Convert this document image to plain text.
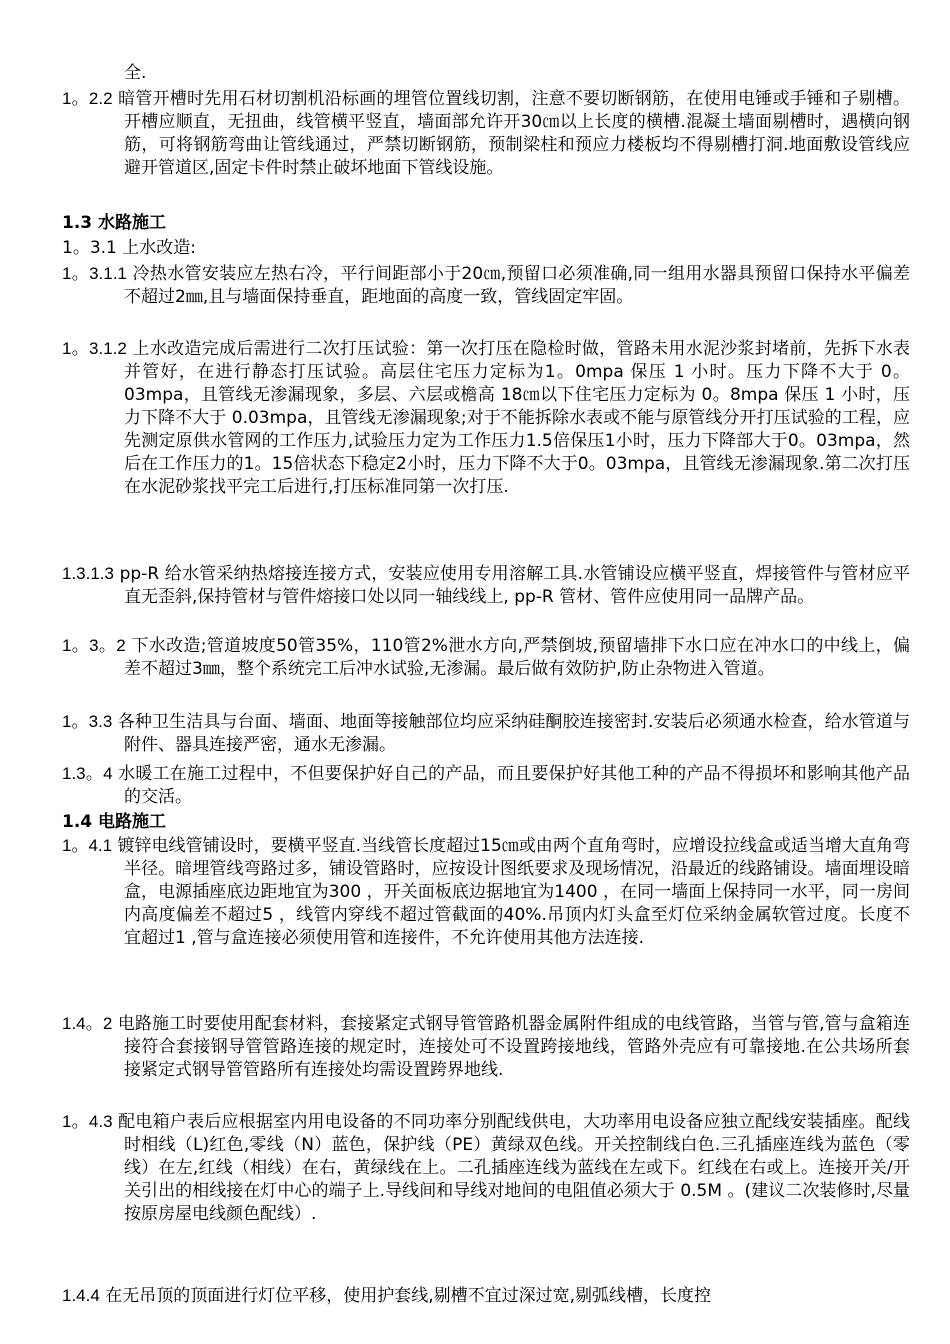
全.
1。2.2 暗管开槽时先用石材切割机沿标画的埋管位置线切割，注意不要切断钢筋，在使用电锤或手锤和子剔槽。开槽应顺直，无扭曲，线管横平竖直，墙面部允许开30㎝以上长度的横槽.混凝土墙面剔槽时，遇横向钢筋，可将钢筋弯曲让管线通过，严禁切断钢筋，预制梁柱和预应力楼板均不得剔槽打洞.地面敷设管线应避开管道区,固定卡件时禁止破坏地面下管线设施。
1.3 水路施工
1。3.1 上水改造:
1。3.1.1 冷热水管安装应左热右冷，平行间距部小于20㎝,预留口必须准确,同一组用水器具预留口保持水平偏差不超过2㎜,且与墙面保持垂直，距地面的高度一致，管线固定牢固。
1。3.1.2 上水改造完成后需进行二次打压试验：第一次打压在隐检时做，管路未用水泥沙浆封堵前，先拆下水表并管好，在进行静态打压试验。高层住宅压力定标为1。0mpa 保压 1 小时。压力下降不大于 0。03mpa，且管线无渗漏现象，多层、六层或檐高 18㎝以下住宅压力定标为 0。8mpa 保压 1 小时，压力下降不大于 0.03mpa，且管线无渗漏现象;对于不能拆除水表或不能与原管线分开打压试验的工程，应先测定原供水管网的工作压力,试验压力定为工作压力1.5倍保压1小时，压力下降部大于0。03mpa，然后在工作压力的1。15倍状态下稳定2小时，压力下降不大于0。03mpa，且管线无渗漏现象.第二次打压在水泥砂浆找平完工后进行,打压标准同第一次打压.
1.3.1.3 pp-R 给水管采纳热熔接连接方式，安装应使用专用溶解工具.水管铺设应横平竖直，焊接管件与管材应平直无歪斜,保持管材与管件熔接口处以同一轴线线上, pp-R 管材、管件应使用同一品牌产品。
1。3。2 下水改造;管道坡度50管35%，110管2%泄水方向,严禁倒坡,预留墙排下水口应在冲水口的中线上，偏差不超过3㎜，整个系统完工后冲水试验,无渗漏。最后做有效防护,防止杂物进入管道。
1。3.3 各种卫生洁具与台面、墙面、地面等接触部位均应采纳硅酮胶连接密封.安装后必须通水检查，给水管道与附件、器具连接严密，通水无渗漏。
1.3。4 水暖工在施工过程中，不但要保护好自己的产品，而且要保护好其他工种的产品不得损坏和影响其他产品的交活。
1.4 电路施工
1。4.1 镀锌电线管铺设时，要横平竖直.当线管长度超过15㎝或由两个直角弯时，应增设拉线盒或适当增大直角弯半径。暗埋管线弯路过多，铺设管路时，应按设计图纸要求及现场情况，沿最近的线路铺设。墙面埋设暗盒，电源插座底边距地宜为300 ，开关面板底边据地宜为1400 ，在同一墙面上保持同一水平，同一房间内高度偏差不超过5 ，线管内穿线不超过管截面的40%.吊顶内灯头盒至灯位采纳金属软管过度。长度不宜超过1 ,管与盒连接必须使用管和连接件，不允许使用其他方法连接.
1.4。2 电路施工时要使用配套材料，套接紧定式钢导管管路机器金属附件组成的电线管路，当管与管,管与盒箱连接符合套接钢导管管路连接的规定时，连接处可不设置跨接地线，管路外壳应有可靠接地.在公共场所套接紧定式钢导管管路所有连接处均需设置跨界地线.
1。4.3 配电箱户表后应根据室内用电设备的不同功率分别配线供电，大功率用电设备应独立配线安装插座。配线时相线（L)红色,零线（N）蓝色，保护线（PE）黄绿双色线。开关控制线白色.三孔插座连线为蓝色（零线）在左,红线（相线）在右，黄绿线在上。二孔插座连线为蓝线在左或下。红线在右或上。连接开关/开关引出的相线接在灯中心的端子上.导线间和导线对地间的电阻值必须大于 0.5M 。(建议二次装修时,尽量按原房屋电线颜色配线）.
1.4.4 在无吊顶的顶面进行灯位平移，使用护套线,剔槽不宜过深过宽,剔弧线槽，长度控
